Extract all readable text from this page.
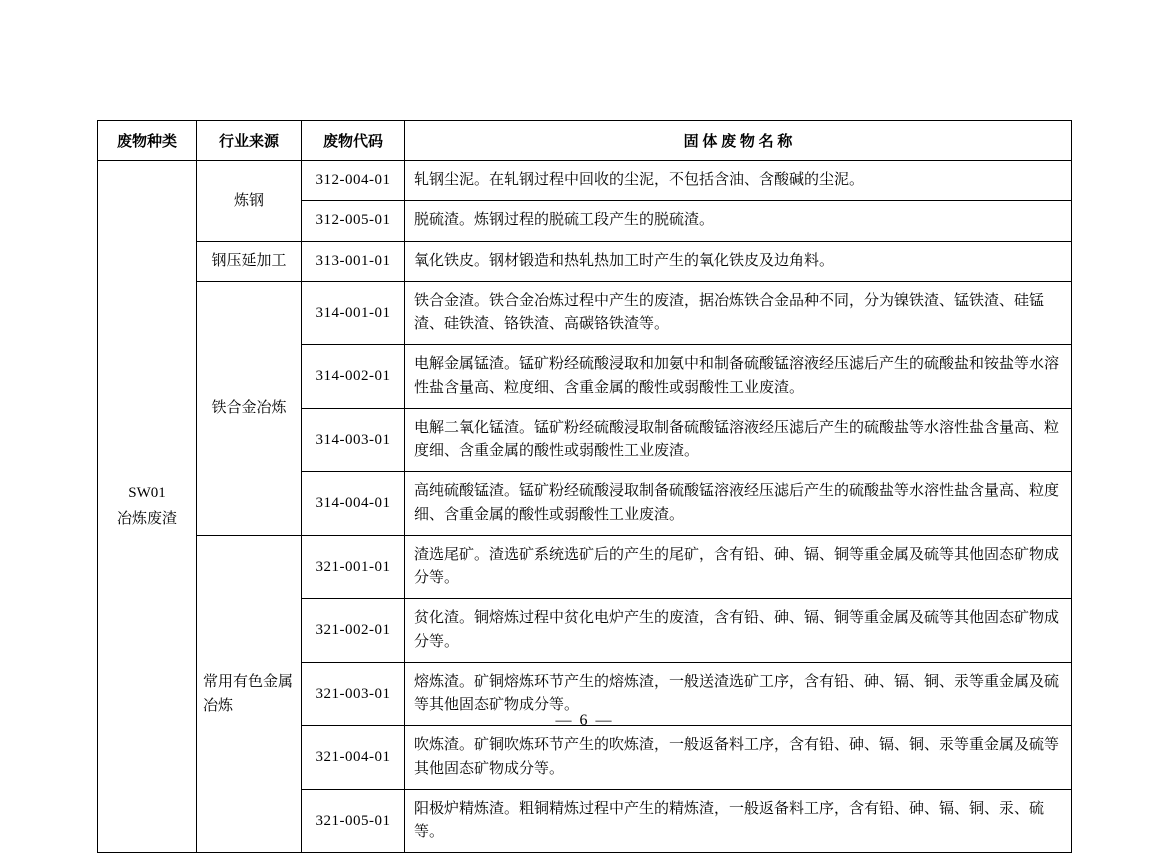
废物种类	行业来源	废物代码	固 体 废 物 名 称
SW01
冶炼废渣	炼钢	312-004-01	轧钢尘泥。在轧钢过程中回收的尘泥，不包括含油、含酸碱的尘泥。
		312-005-01	脱硫渣。炼钢过程的脱硫工段产生的脱硫渣。
	钢压延加工	313-001-01	氧化铁皮。钢材锻造和热轧热加工时产生的氧化铁皮及边角料。
	铁合金冶炼	314-001-01	铁合金渣。铁合金冶炼过程中产生的废渣，据冶炼铁合金品种不同，分为镍铁渣、锰铁渣、硅锰渣、硅铁渣、铬铁渣、高碳铬铁渣等。
		314-002-01	电解金属锰渣。锰矿粉经硫酸浸取和加氨中和制备硫酸锰溶液经压滤后产生的硫酸盐和铵盐等水溶性盐含量高、粒度细、含重金属的酸性或弱酸性工业废渣。
		314-003-01	电解二氧化锰渣。锰矿粉经硫酸浸取制备硫酸锰溶液经压滤后产生的硫酸盐等水溶性盐含量高、粒度细、含重金属的酸性或弱酸性工业废渣。
		314-004-01	高纯硫酸锰渣。锰矿粉经硫酸浸取制备硫酸锰溶液经压滤后产生的硫酸盐等水溶性盐含量高、粒度细、含重金属的酸性或弱酸性工业废渣。
	常用有色金属冶炼	321-001-01	渣选尾矿。渣选矿系统选矿后的产生的尾矿，含有铅、砷、镉、铜等重金属及硫等其他固态矿物成分等。
		321-002-01	贫化渣。铜熔炼过程中贫化电炉产生的废渣，含有铅、砷、镉、铜等重金属及硫等其他固态矿物成分等。
		321-003-01	熔炼渣。矿铜熔炼环节产生的熔炼渣，一般送渣选矿工序，含有铅、砷、镉、铜、汞等重金属及硫等其他固态矿物成分等。
		321-004-01	吹炼渣。矿铜吹炼环节产生的吹炼渣，一般返备料工序，含有铅、砷、镉、铜、汞等重金属及硫等其他固态矿物成分等。
		321-005-01	阳极炉精炼渣。粗铜精炼过程中产生的精炼渣，一般返备料工序，含有铅、砷、镉、铜、汞、硫等。
— 6 —
